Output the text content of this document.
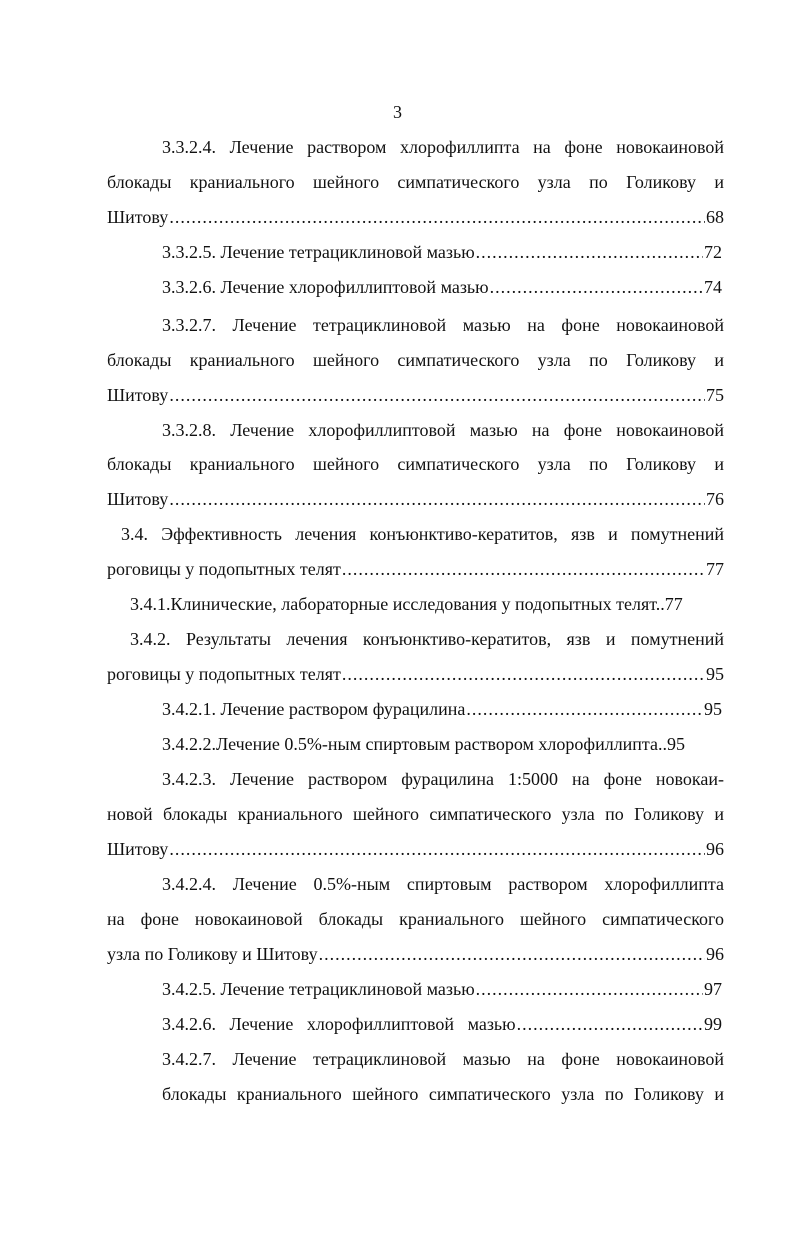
3
3.3.2.4. Лечение раствором хлорофиллипта на фоне новокаиновой
блокады краниального шейного симпатического узла по Голикову и
Шитову .....	68
3.3.2.5. Лечение тетрациклиновой мазью .....	72
3.3.2.6. Лечение хлорофиллиптовой мазью .....	74
3.3.2.7. Лечение тетрациклиновой мазью на фоне новокаиновой
блокады краниального шейного симпатического узла по Голикову и
Шитову .....	75
3.3.2.8. Лечение хлорофиллиптовой мазью на фоне новокаиновой
блокады краниального шейного симпатического узла по Голикову и
Шитову .....	76
3.4. Эффективность лечения конъюнктиво-кератитов, язв и помутнений
роговицы у подопытных телят .....	77
3.4.1.Клинические, лабораторные исследования у подопытных телят.. 77
3.4.2. Результаты лечения конъюнктиво-кератитов, язв и помутнений
роговицы у подопытных телят .....	95
3.4.2.1. Лечение раствором фурацилина .....	95
3.4.2.2.Лечение 0.5%-ным спиртовым раствором хлорофиллипта.. 95
3.4.2.3. Лечение раствором фурацилина 1:5000 на фоне новокаи-
новой блокады краниального шейного симпатического узла по Голикову и
Шитову .....	96
3.4.2.4. Лечение 0.5%-ным спиртовым раствором хлорофиллипта
на фоне новокаиновой блокады краниального шейного симпатического
узла по Голикову и Шитову .....	96
3.4.2.5. Лечение тетрациклиновой мазью .....	97
3.4.2.6.   Лечение   хлорофиллиптовой   мазью .....	99
3.4.2.7. Лечение тетрациклиновой мазью на фоне новокаиновой
блокады краниального шейного симпатического узла по Голикову и
